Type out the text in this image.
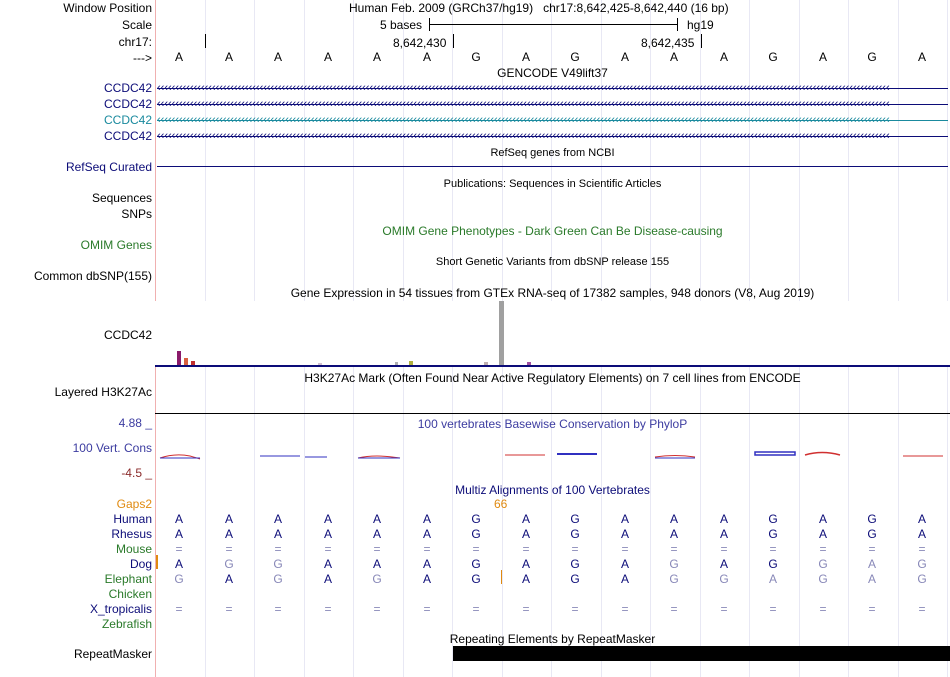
Window Position
Scale
chr17:
--->
Human Feb. 2009 (GRCh37/hg19) chr17:8,642,425-8,642,440 (16 bp)
5 bases	hg19
8,642,430	8,642,435
A	A	A	A	A	A	G	A	G	A	A	A	G	A	G	A
GENCODE V49lift37
CCDC42 ‹‹‹‹‹‹‹‹‹‹‹‹‹‹‹‹‹‹‹‹‹‹‹‹‹‹‹‹‹‹‹‹‹‹‹‹‹‹‹‹‹‹‹‹‹‹‹‹‹‹‹‹‹‹‹‹‹‹‹‹‹‹‹‹‹‹‹‹‹‹‹‹‹‹‹‹‹‹‹‹‹‹‹‹‹‹‹‹‹‹‹‹‹‹‹‹‹‹‹‹‹‹‹‹‹‹‹‹‹‹‹‹‹‹‹‹‹‹‹‹‹‹‹‹‹‹‹‹‹‹‹‹‹‹‹‹‹‹‹‹‹‹‹‹‹‹‹‹‹‹‹‹‹‹‹‹‹‹‹‹‹‹‹‹‹‹‹‹‹‹‹‹‹‹‹‹‹‹‹‹‹‹‹‹‹‹‹‹‹‹‹‹‹‹‹‹‹‹‹‹
CCDC42 ‹‹‹‹‹‹‹‹‹‹‹‹‹‹‹‹‹‹‹‹‹‹‹‹‹‹‹‹‹‹‹‹‹‹‹‹‹‹‹‹‹‹‹‹‹‹‹‹‹‹‹‹‹‹‹‹‹‹‹‹‹‹‹‹‹‹‹‹‹‹‹‹‹‹‹‹‹‹‹‹‹‹‹‹‹‹‹‹‹‹‹‹‹‹‹‹‹‹‹‹‹‹‹‹‹‹‹‹‹‹‹‹‹‹‹‹‹‹‹‹‹‹‹‹‹‹‹‹‹‹‹‹‹‹‹‹‹‹‹‹‹‹‹‹‹‹‹‹‹‹‹‹‹‹‹‹‹‹‹‹‹‹‹‹‹‹‹‹‹‹‹‹‹‹‹‹‹‹‹‹‹‹‹‹‹‹‹‹‹‹‹‹‹‹‹‹‹‹‹‹
CCDC42 ‹‹‹‹‹‹‹‹‹‹‹‹‹‹‹‹‹‹‹‹‹‹‹‹‹‹‹‹‹‹‹‹‹‹‹‹‹‹‹‹‹‹‹‹‹‹‹‹‹‹‹‹‹‹‹‹‹‹‹‹‹‹‹‹‹‹‹‹‹‹‹‹‹‹‹‹‹‹‹‹‹‹‹‹‹‹‹‹‹‹‹‹‹‹‹‹‹‹‹‹‹‹‹‹‹‹‹‹‹‹‹‹‹‹‹‹‹‹‹‹‹‹‹‹‹‹‹‹‹‹‹‹‹‹‹‹‹‹‹‹‹‹‹‹‹‹‹‹‹‹‹‹‹‹‹‹‹‹‹‹‹‹‹‹‹‹‹‹‹‹‹‹‹‹‹‹‹‹‹‹‹‹‹‹‹‹‹‹‹‹‹‹‹‹‹‹‹‹‹‹
CCDC42 ‹‹‹‹‹‹‹‹‹‹‹‹‹‹‹‹‹‹‹‹‹‹‹‹‹‹‹‹‹‹‹‹‹‹‹‹‹‹‹‹‹‹‹‹‹‹‹‹‹‹‹‹‹‹‹‹‹‹‹‹‹‹‹‹‹‹‹‹‹‹‹‹‹‹‹‹‹‹‹‹‹‹‹‹‹‹‹‹‹‹‹‹‹‹‹‹‹‹‹‹‹‹‹‹‹‹‹‹‹‹‹‹‹‹‹‹‹‹‹‹‹‹‹‹‹‹‹‹‹‹‹‹‹‹‹‹‹‹‹‹‹‹‹‹‹‹‹‹‹‹‹‹‹‹‹‹‹‹‹‹‹‹‹‹‹‹‹‹‹‹‹‹‹‹‹‹‹‹‹‹‹‹‹‹‹‹‹‹‹‹‹‹‹‹‹‹‹‹‹‹
RefSeq genes from NCBI
RefSeq Curated
Publications: Sequences in Scientific Articles
Sequences
SNPs
OMIM Gene Phenotypes - Dark Green Can Be Disease-causing
OMIM Genes
Short Genetic Variants from dbSNP release 155
Common dbSNP(155)
Gene Expression in 54 tissues from GTEx RNA-seq of 17382 samples, 948 donors (V8, Aug 2019)
CCDC42
H3K27Ac Mark (Often Found Near Active Regulatory Elements) on 7 cell lines from ENCODE
Layered H3K27Ac
100 vertebrates Basewise Conservation by PhyloP
4.88 _
100 Vert. Cons
-4.5 _
Multiz Alignments of 100 Vertebrates
Gaps2	66
Human	A	A	A	A	A	A	G	A	G	A	A	A	G	A	G	A
Rhesus	A	A	A	A	A	A	G	A	G	A	A	A	G	A	G	A
Mouse	=	=	=	=	=	=	=	=	=	=	=	=	=	=	=	=
Dog	A	G	G	A	A	A	G	A	G	A	G	A	G	G	A	G
Elephant	G	A	G	A	G	A	G	A	G	A	G	G	A	G	A	G
Chicken
X_tropicalis	=	=	=	=	=	=	=	=	=	=	=	=	=	=	=	=
Zebrafish
Repeating Elements by RepeatMasker
RepeatMasker
